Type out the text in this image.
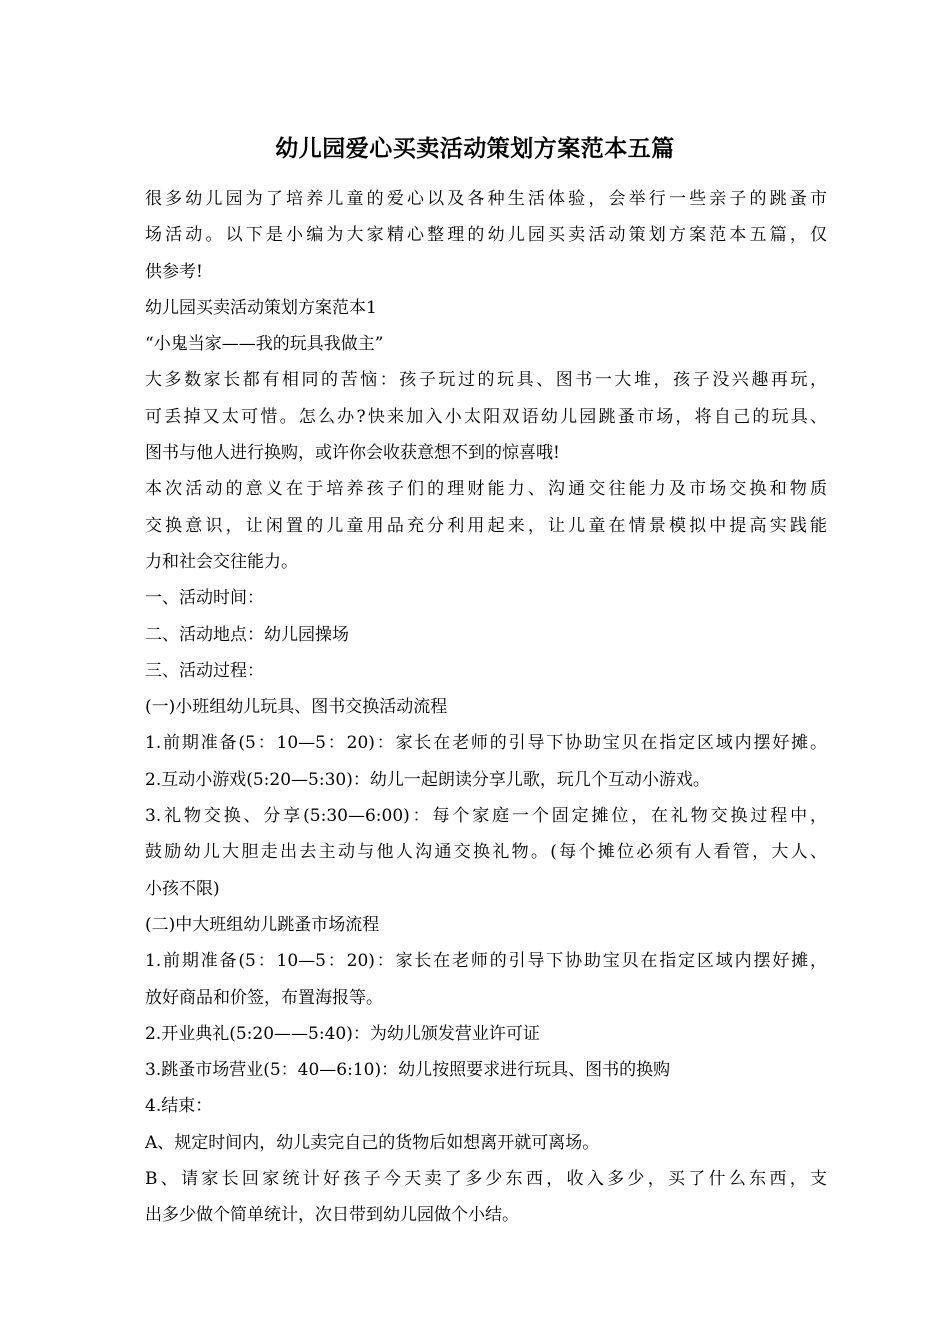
幼儿园爱心买卖活动策划方案范本五篇
很多幼儿园为了培养儿童的爱心以及各种生活体验，会举行一些亲子的跳蚤市
场活动。以下是小编为大家精心整理的幼儿园买卖活动策划方案范本五篇，仅
供参考!
幼儿园买卖活动策划方案范本1
“小鬼当家——我的玩具我做主”
大多数家长都有相同的苦恼：孩子玩过的玩具、图书一大堆，孩子没兴趣再玩，
可丢掉又太可惜。怎么办?快来加入小太阳双语幼儿园跳蚤市场，将自己的玩具、
图书与他人进行换购，或许你会收获意想不到的惊喜哦!
本次活动的意义在于培养孩子们的理财能力、沟通交往能力及市场交换和物质
交换意识，让闲置的儿童用品充分利用起来，让儿童在情景模拟中提高实践能
力和社会交往能力。
一、活动时间：
二、活动地点：幼儿园操场
三、活动过程：
(一)小班组幼儿玩具、图书交换活动流程
1.前期准备(5：10—5：20)：家长在老师的引导下协助宝贝在指定区域内摆好摊。
2.互动小游戏(5:20—5:30)：幼儿一起朗读分享儿歌，玩几个互动小游戏。
3.礼物交换、分享(5:30—6:00)：每个家庭一个固定摊位，在礼物交换过程中，
鼓励幼儿大胆走出去主动与他人沟通交换礼物。(每个摊位必须有人看管，大人、
小孩不限)
(二)中大班组幼儿跳蚤市场流程
1.前期准备(5：10—5：20)：家长在老师的引导下协助宝贝在指定区域内摆好摊，
放好商品和价签，布置海报等。
2.开业典礼(5:20——5:40)：为幼儿颁发营业许可证
3.跳蚤市场营业(5：40—6:10)：幼儿按照要求进行玩具、图书的换购
4.结束：
A、规定时间内，幼儿卖完自己的货物后如想离开就可离场。
B、请家长回家统计好孩子今天卖了多少东西，收入多少，买了什么东西，支
出多少做个简单统计，次日带到幼儿园做个小结。
